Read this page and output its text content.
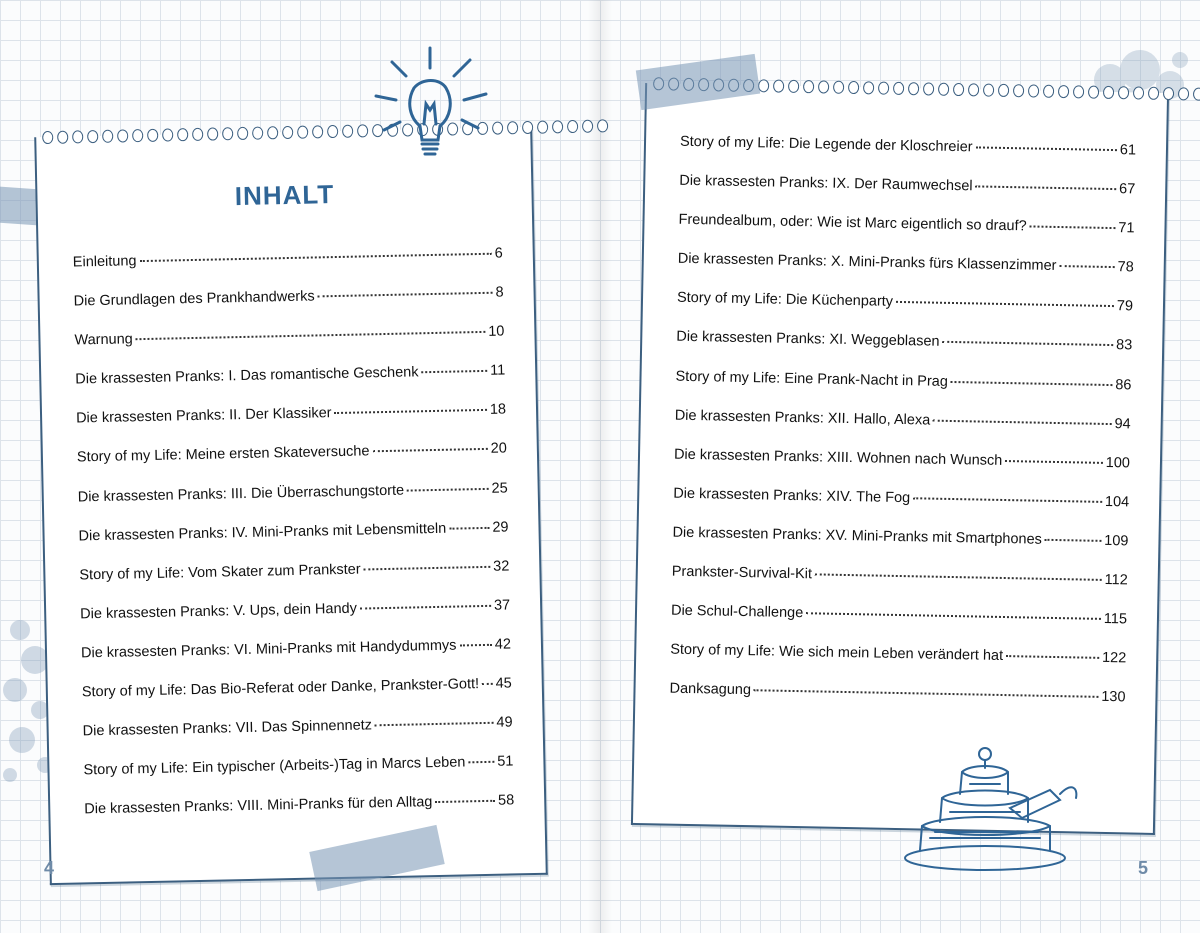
INHALT
Einleitung	6
Die Grundlagen des Prankhandwerks	8
Warnung	10
Die krassesten Pranks: I. Das romantische Geschenk	11
Die krassesten Pranks: II. Der Klassiker	18
Story of my Life: Meine ersten Skateversuche	20
Die krassesten Pranks: III. Die Überraschungstorte	25
Die krassesten Pranks: IV. Mini-Pranks mit Lebensmitteln	29
Story of my Life: Vom Skater zum Prankster	32
Die krassesten Pranks: V. Ups, dein Handy	37
Die krassesten Pranks: VI. Mini-Pranks mit Handydummys	42
Story of my Life: Das Bio-Referat oder Danke, Prankster-Gott! 45
Die krassesten Pranks: VII. Das Spinnennetz	49
Story of my Life: Ein typischer (Arbeits-)Tag in Marcs Leben 51
Die krassesten Pranks: VIII. Mini-Pranks für den Alltag	58
4
Story of my Life: Die Legende der Kloschreier	61
Die krassesten Pranks: IX. Der Raumwechsel	67
Freundealbum, oder: Wie ist Marc eigentlich so drauf?	71
Die krassesten Pranks: X. Mini-Pranks fürs Klassenzimmer	78
Story of my Life: Die Küchenparty	79
Die krassesten Pranks: XI. Weggeblasen	83
Story of my Life: Eine Prank-Nacht in Prag	86
Die krassesten Pranks: XII. Hallo, Alexa	94
Die krassesten Pranks: XIII. Wohnen nach Wunsch	100
Die krassesten Pranks: XIV. The Fog	104
Die krassesten Pranks: XV. Mini-Pranks mit Smartphones	109
Prankster-Survival-Kit	112
Die Schul-Challenge	115
Story of my Life: Wie sich mein Leben verändert hat	122
Danksagung	130
5
